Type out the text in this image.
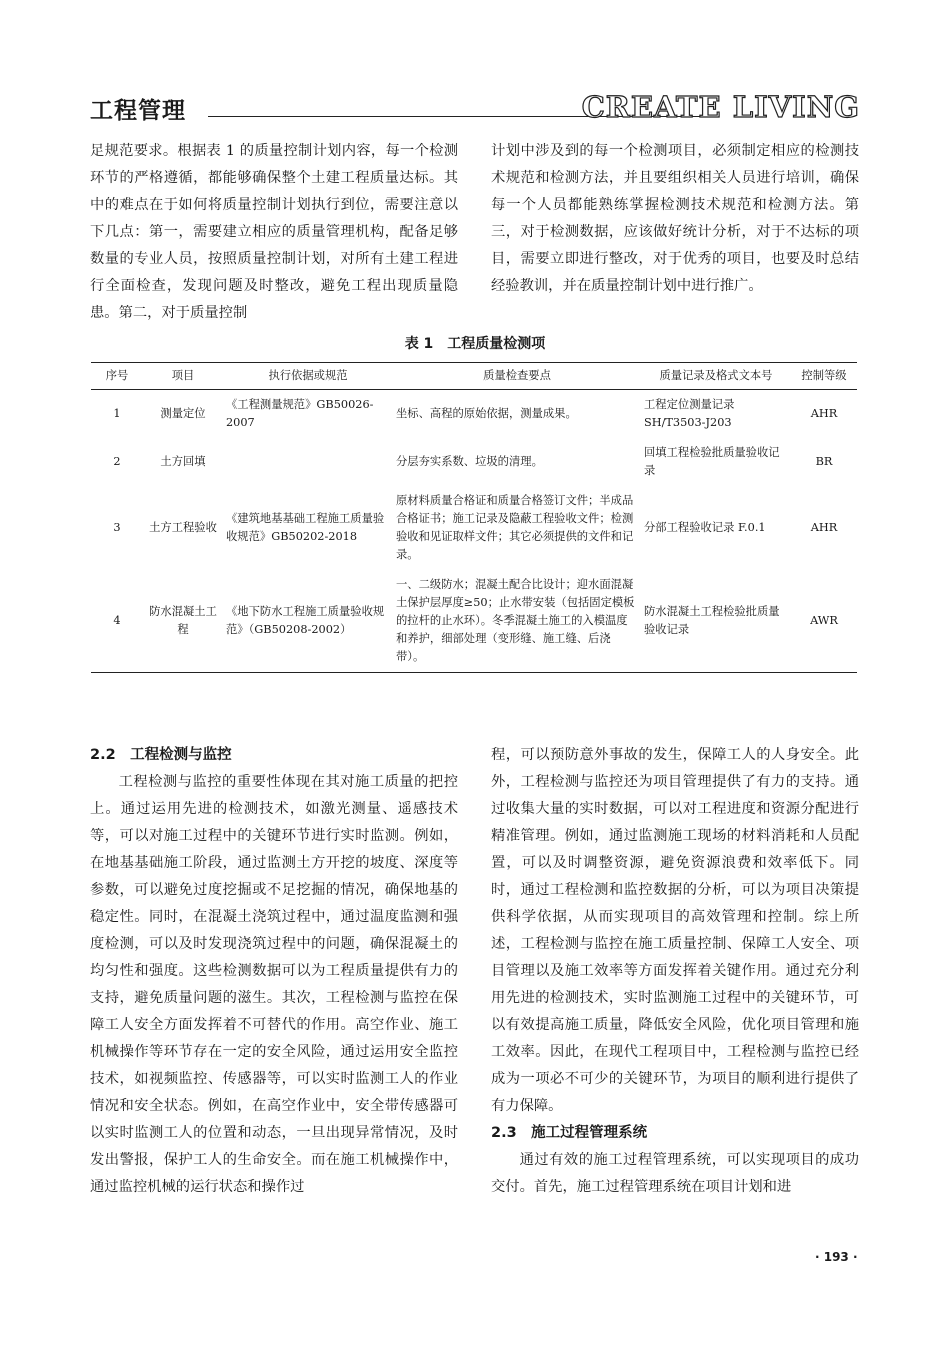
工程管理	CREATE LIVING

足规范要求。根据表 1 的质量控制计划内容，每一个检测环节的严格遵循，都能够确保整个土建工程质量达标。其中的难点在于如何将质量控制计划执行到位，需要注意以下几点：第一，需要建立相应的质量管理机构，配备足够数量的专业人员，按照质量控制计划，对所有土建工程进行全面检查，发现问题及时整改，避免工程出现质量隐患。第二，对于质量控制

计划中涉及到的每一个检测项目，必须制定相应的检测技术规范和检测方法，并且要组织相关人员进行培训，确保每一个人员都能熟练掌握检测技术规范和检测方法。第三，对于检测数据，应该做好统计分析，对于不达标的项目，需要立即进行整改，对于优秀的项目，也要及时总结经验教训，并在质量控制计划中进行推广。

表 1　工程质量检测项
序号	项目	执行依据或规范	质量检查要点	质量记录及格式文本号	控制等级
1	测量定位	《工程测量规范》GB50026-2007	坐标、高程的原始依据，测量成果。	工程定位测量记录 SH/T3503-J203	AHR
2	土方回填		分层夯实系数、垃圾的清理。	回填工程检验批质量验收记录	BR
3	土方工程验收	《建筑地基基础工程施工质量验收规范》GB50202-2018	原材料质量合格证和质量合格签订文件；半成品合格证书；施工记录及隐蔽工程验收文件；检测验收和见证取样文件；其它必须提供的文件和记录。	分部工程验收记录 F.0.1	AHR
4	防水混凝土工程	《地下防水工程施工质量验收规范》（GB50208-2002）	一、二级防水；混凝土配合比设计；迎水面混凝土保护层厚度≥50；止水带安装（包括固定模板的拉杆的止水环）。冬季混凝土施工的入模温度和养护，细部处理（变形缝、施工缝、后浇带）。	防水混凝土工程检验批质量验收记录	AWR
2.2　工程检测与监控

工程检测与监控的重要性体现在其对施工质量的把控上。通过运用先进的检测技术，如激光测量、遥感技术等，可以对施工过程中的关键环节进行实时监测。例如，在地基基础施工阶段，通过监测土方开挖的坡度、深度等参数，可以避免过度挖掘或不足挖掘的情况，确保地基的稳定性。同时，在混凝土浇筑过程中，通过温度监测和强度检测，可以及时发现浇筑过程中的问题，确保混凝土的均匀性和强度。这些检测数据可以为工程质量提供有力的支持，避免质量问题的滋生。其次，工程检测与监控在保障工人安全方面发挥着不可替代的作用。高空作业、施工机械操作等环节存在一定的安全风险，通过运用安全监控技术，如视频监控、传感器等，可以实时监测工人的作业情况和安全状态。例如，在高空作业中，安全带传感器可以实时监测工人的位置和动态，一旦出现异常情况，及时发出警报，保护工人的生命安全。而在施工机械操作中，通过监控机械的运行状态和操作过

程，可以预防意外事故的发生，保障工人的人身安全。此外，工程检测与监控还为项目管理提供了有力的支持。通过收集大量的实时数据，可以对工程进度和资源分配进行精准管理。例如，通过监测施工现场的材料消耗和人员配置，可以及时调整资源，避免资源浪费和效率低下。同时，通过工程检测和监控数据的分析，可以为项目决策提供科学依据，从而实现项目的高效管理和控制。综上所述，工程检测与监控在施工质量控制、保障工人安全、项目管理以及施工效率等方面发挥着关键作用。通过充分利用先进的检测技术，实时监测施工过程中的关键环节，可以有效提高施工质量，降低安全风险，优化项目管理和施工效率。因此，在现代工程项目中，工程检测与监控已经成为一项必不可少的关键环节，为项目的顺利进行提供了有力保障。

2.3　施工过程管理系统

通过有效的施工过程管理系统，可以实现项目的成功交付。首先，施工过程管理系统在项目计划和进

· 193 ·
